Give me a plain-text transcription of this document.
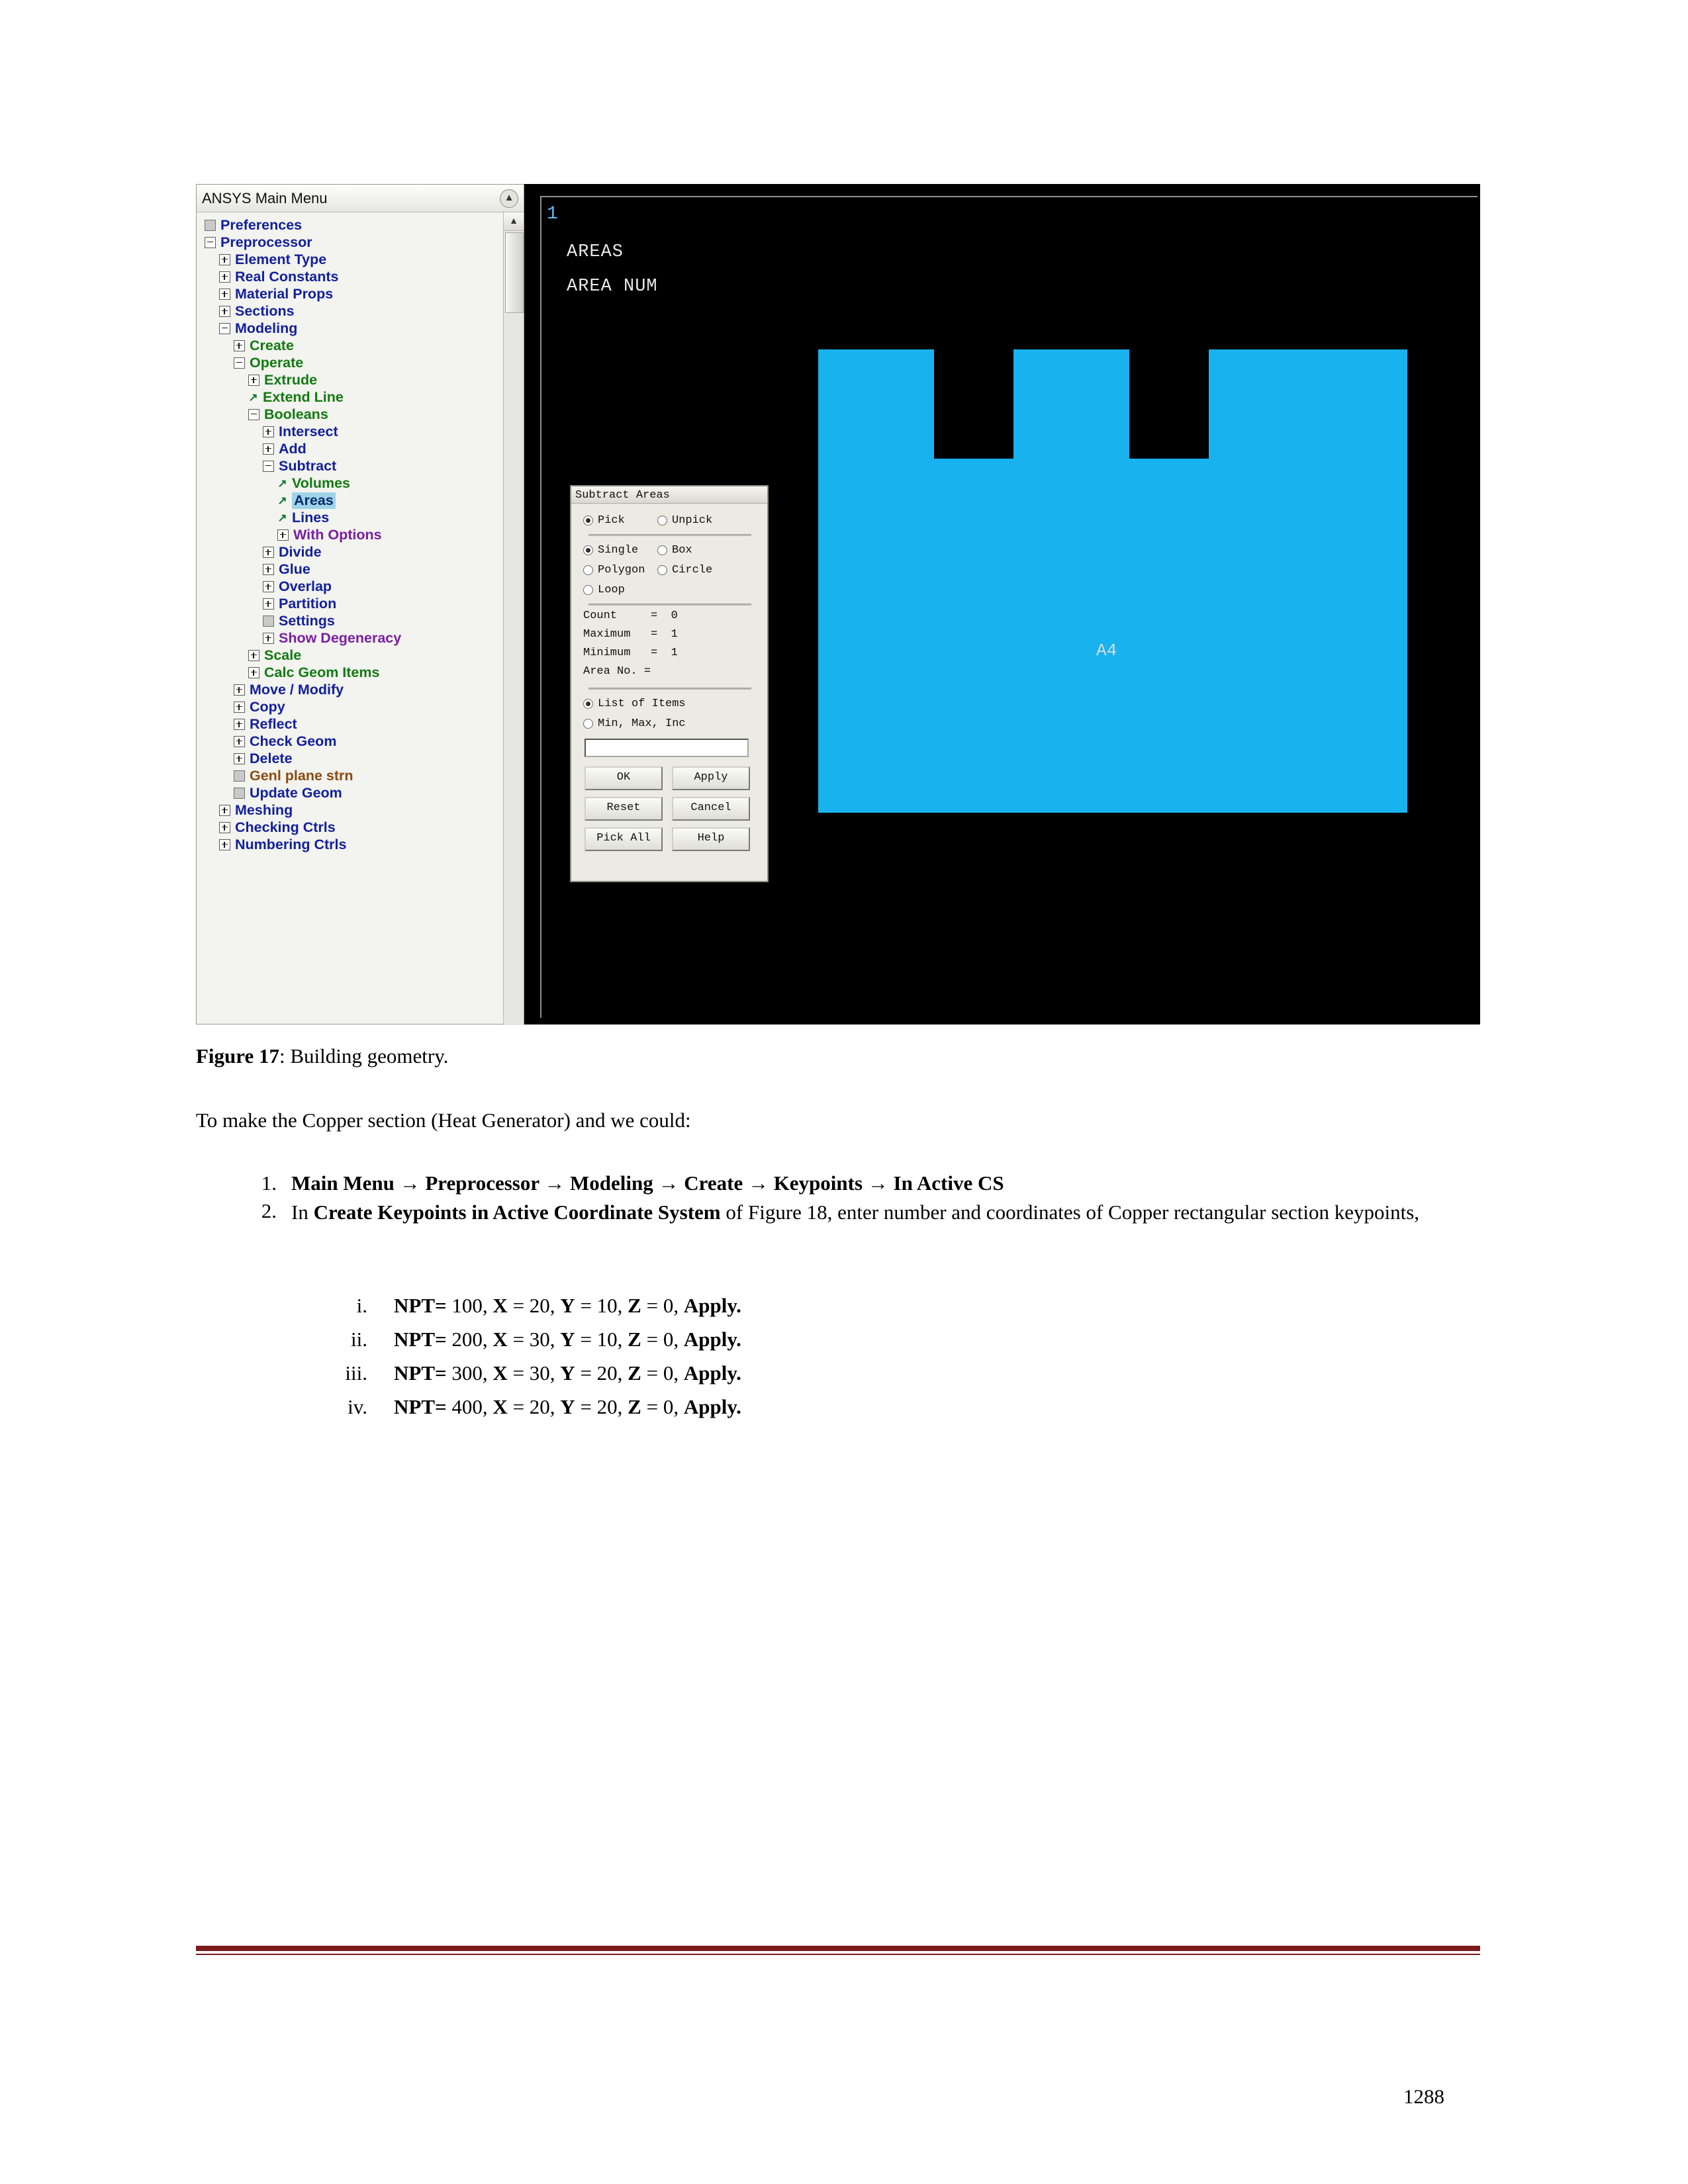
ANSYS Main Menu	▲
Preferences
Preprocessor
Element Type
Real Constants
Material Props
Sections
Modeling
Create
Operate
Extrude
↗ Extend Line
Booleans
Intersect
Add
Subtract
↗ Volumes
↗ Areas
↗ Lines
With Options
Divide
Glue
Overlap
Partition
Settings
Show Degeneracy
Scale
Calc Geom Items
Move / Modify
Copy
Reflect
Check Geom
Delete
Genl plane strn
Update Geom
Meshing
Checking Ctrls
Numbering Ctrls
▲ 1
AREAS
AREA NUM
A4
Subtract Areas
Pick	Unpick
Single	Box
Polygon Circle
Loop
Count     =  0
Maximum   =  1
Minimum   =  1
Area No. =
List of Items
Min, Max, Inc
OK	Apply
Reset	Cancel
Pick All	Help
Figure 17: Building geometry.
To make the Copper section (Heat Generator) and we could:
1. Main Menu → Preprocessor → Modeling → Create → Keypoints → In Active CS
2. In Create Keypoints in Active Coordinate System of Figure 18, enter number and coordinates of Copper rectangular section keypoints,
i.	NPT= 100, X = 20, Y = 10, Z = 0, Apply.
ii.	NPT= 200, X = 30, Y = 10, Z = 0, Apply.
iii.	NPT= 300, X = 30, Y = 20, Z = 0, Apply.
iv.	NPT= 400, X = 20, Y = 20, Z = 0, Apply.
1288
